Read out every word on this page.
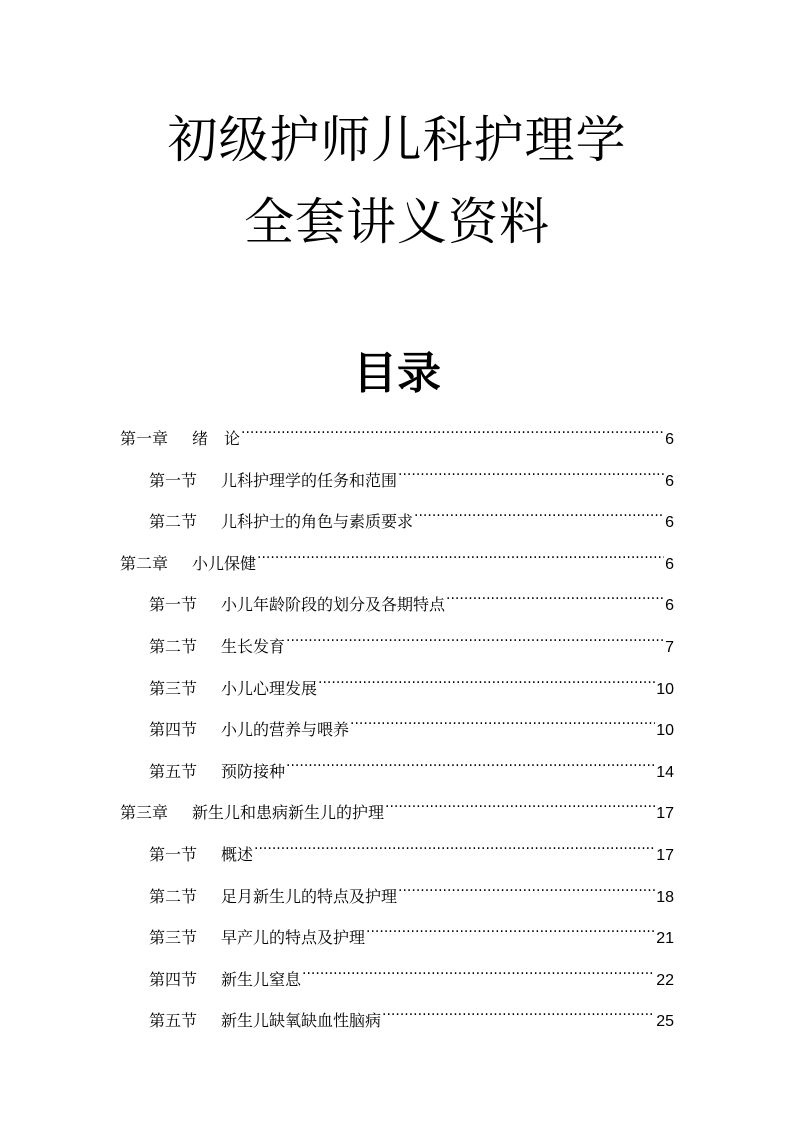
初级护师儿科护理学
全套讲义资料
目录
第一章 绪　论 .....	6
第一节 儿科护理学的任务和范围 .....	6
第二节 儿科护士的角色与素质要求 .....	6
第二章 小儿保健 .....	6
第一节 小儿年龄阶段的划分及各期特点 .....	6
第二节 生长发育 .....	7
第三节 小儿心理发展 .....	10
第四节 小儿的营养与喂养 .....	10
第五节 预防接种 .....	14
第三章 新生儿和患病新生儿的护理 .....	17
第一节 概述 .....	17
第二节 足月新生儿的特点及护理 .....	18
第三节 早产儿的特点及护理 .....	21
第四节 新生儿窒息 .....	22
第五节 新生儿缺氧缺血性脑病 .....	25
